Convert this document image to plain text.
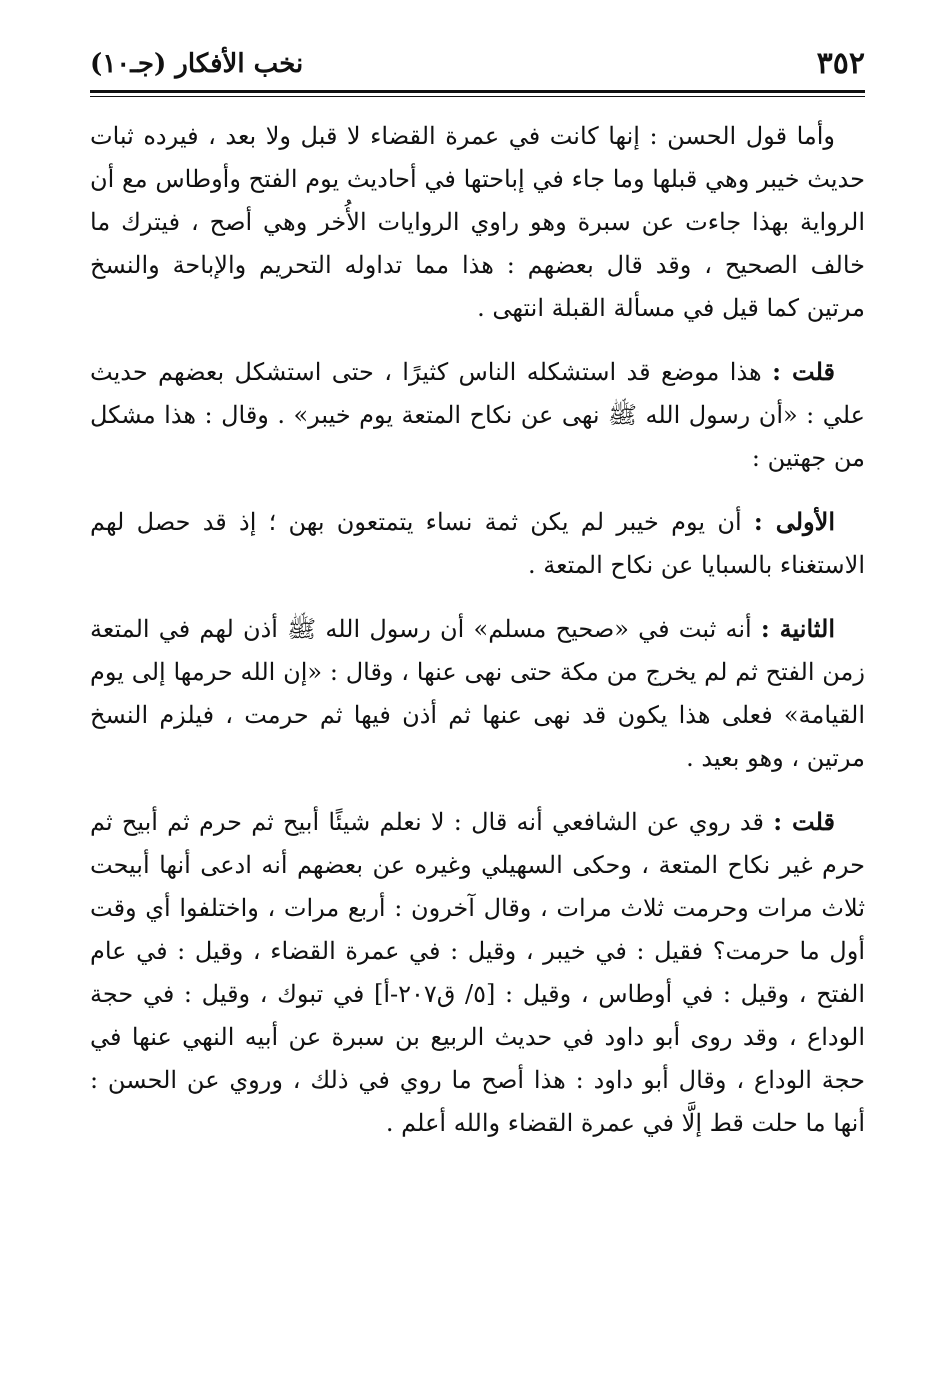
٣٥٢
نخب الأفكار (جـ١٠)

وأما قول الحسن : إنها كانت في عمرة القضاء لا قبل ولا بعد ، فيرده ثبات حديث خيبر وهي قبلها وما جاء في إباحتها في أحاديث يوم الفتح وأوطاس مع أن الرواية بهذا جاءت عن سبرة وهو راوي الروايات الأُخر وهي أصح ، فيترك ما خالف الصحيح ، وقد قال بعضهم : هذا مما تداوله التحريم والإباحة والنسخ مرتين كما قيل في مسألة القبلة انتهى .

قلت : هذا موضع قد استشكله الناس كثيرًا ، حتى استشكل بعضهم حديث علي : «أن رسول الله ﷺ نهى عن نكاح المتعة يوم خيبر» . وقال : هذا مشكل من جهتين :

الأولى : أن يوم خيبر لم يكن ثمة نساء يتمتعون بهن ؛ إذ قد حصل لهم الاستغناء بالسبايا عن نكاح المتعة .

الثانية : أنه ثبت في «صحيح مسلم» أن رسول الله ﷺ أذن لهم في المتعة زمن الفتح ثم لم يخرج من مكة حتى نهى عنها ، وقال : «إن الله حرمها إلى يوم القيامة» فعلى هذا يكون قد نهى عنها ثم أذن فيها ثم حرمت ، فيلزم النسخ مرتين ، وهو بعيد .

قلت : قد روي عن الشافعي أنه قال : لا نعلم شيئًا أبيح ثم حرم ثم أبيح ثم حرم غير نكاح المتعة ، وحكى السهيلي وغيره عن بعضهم أنه ادعى أنها أبيحت ثلاث مرات وحرمت ثلاث مرات ، وقال آخرون : أربع مرات ، واختلفوا أي وقت أول ما حرمت؟ فقيل : في خيبر ، وقيل : في عمرة القضاء ، وقيل : في عام الفتح ، وقيل : في أوطاس ، وقيل : [٥/ ق٢٠٧-أ] في تبوك ، وقيل : في حجة الوداع ، وقد روى أبو داود في حديث الربيع بن سبرة عن أبيه النهي عنها في حجة الوداع ، وقال أبو داود : هذا أصح ما روي في ذلك ، وروي عن الحسن : أنها ما حلت قط إلَّا في عمرة القضاء والله أعلم .
